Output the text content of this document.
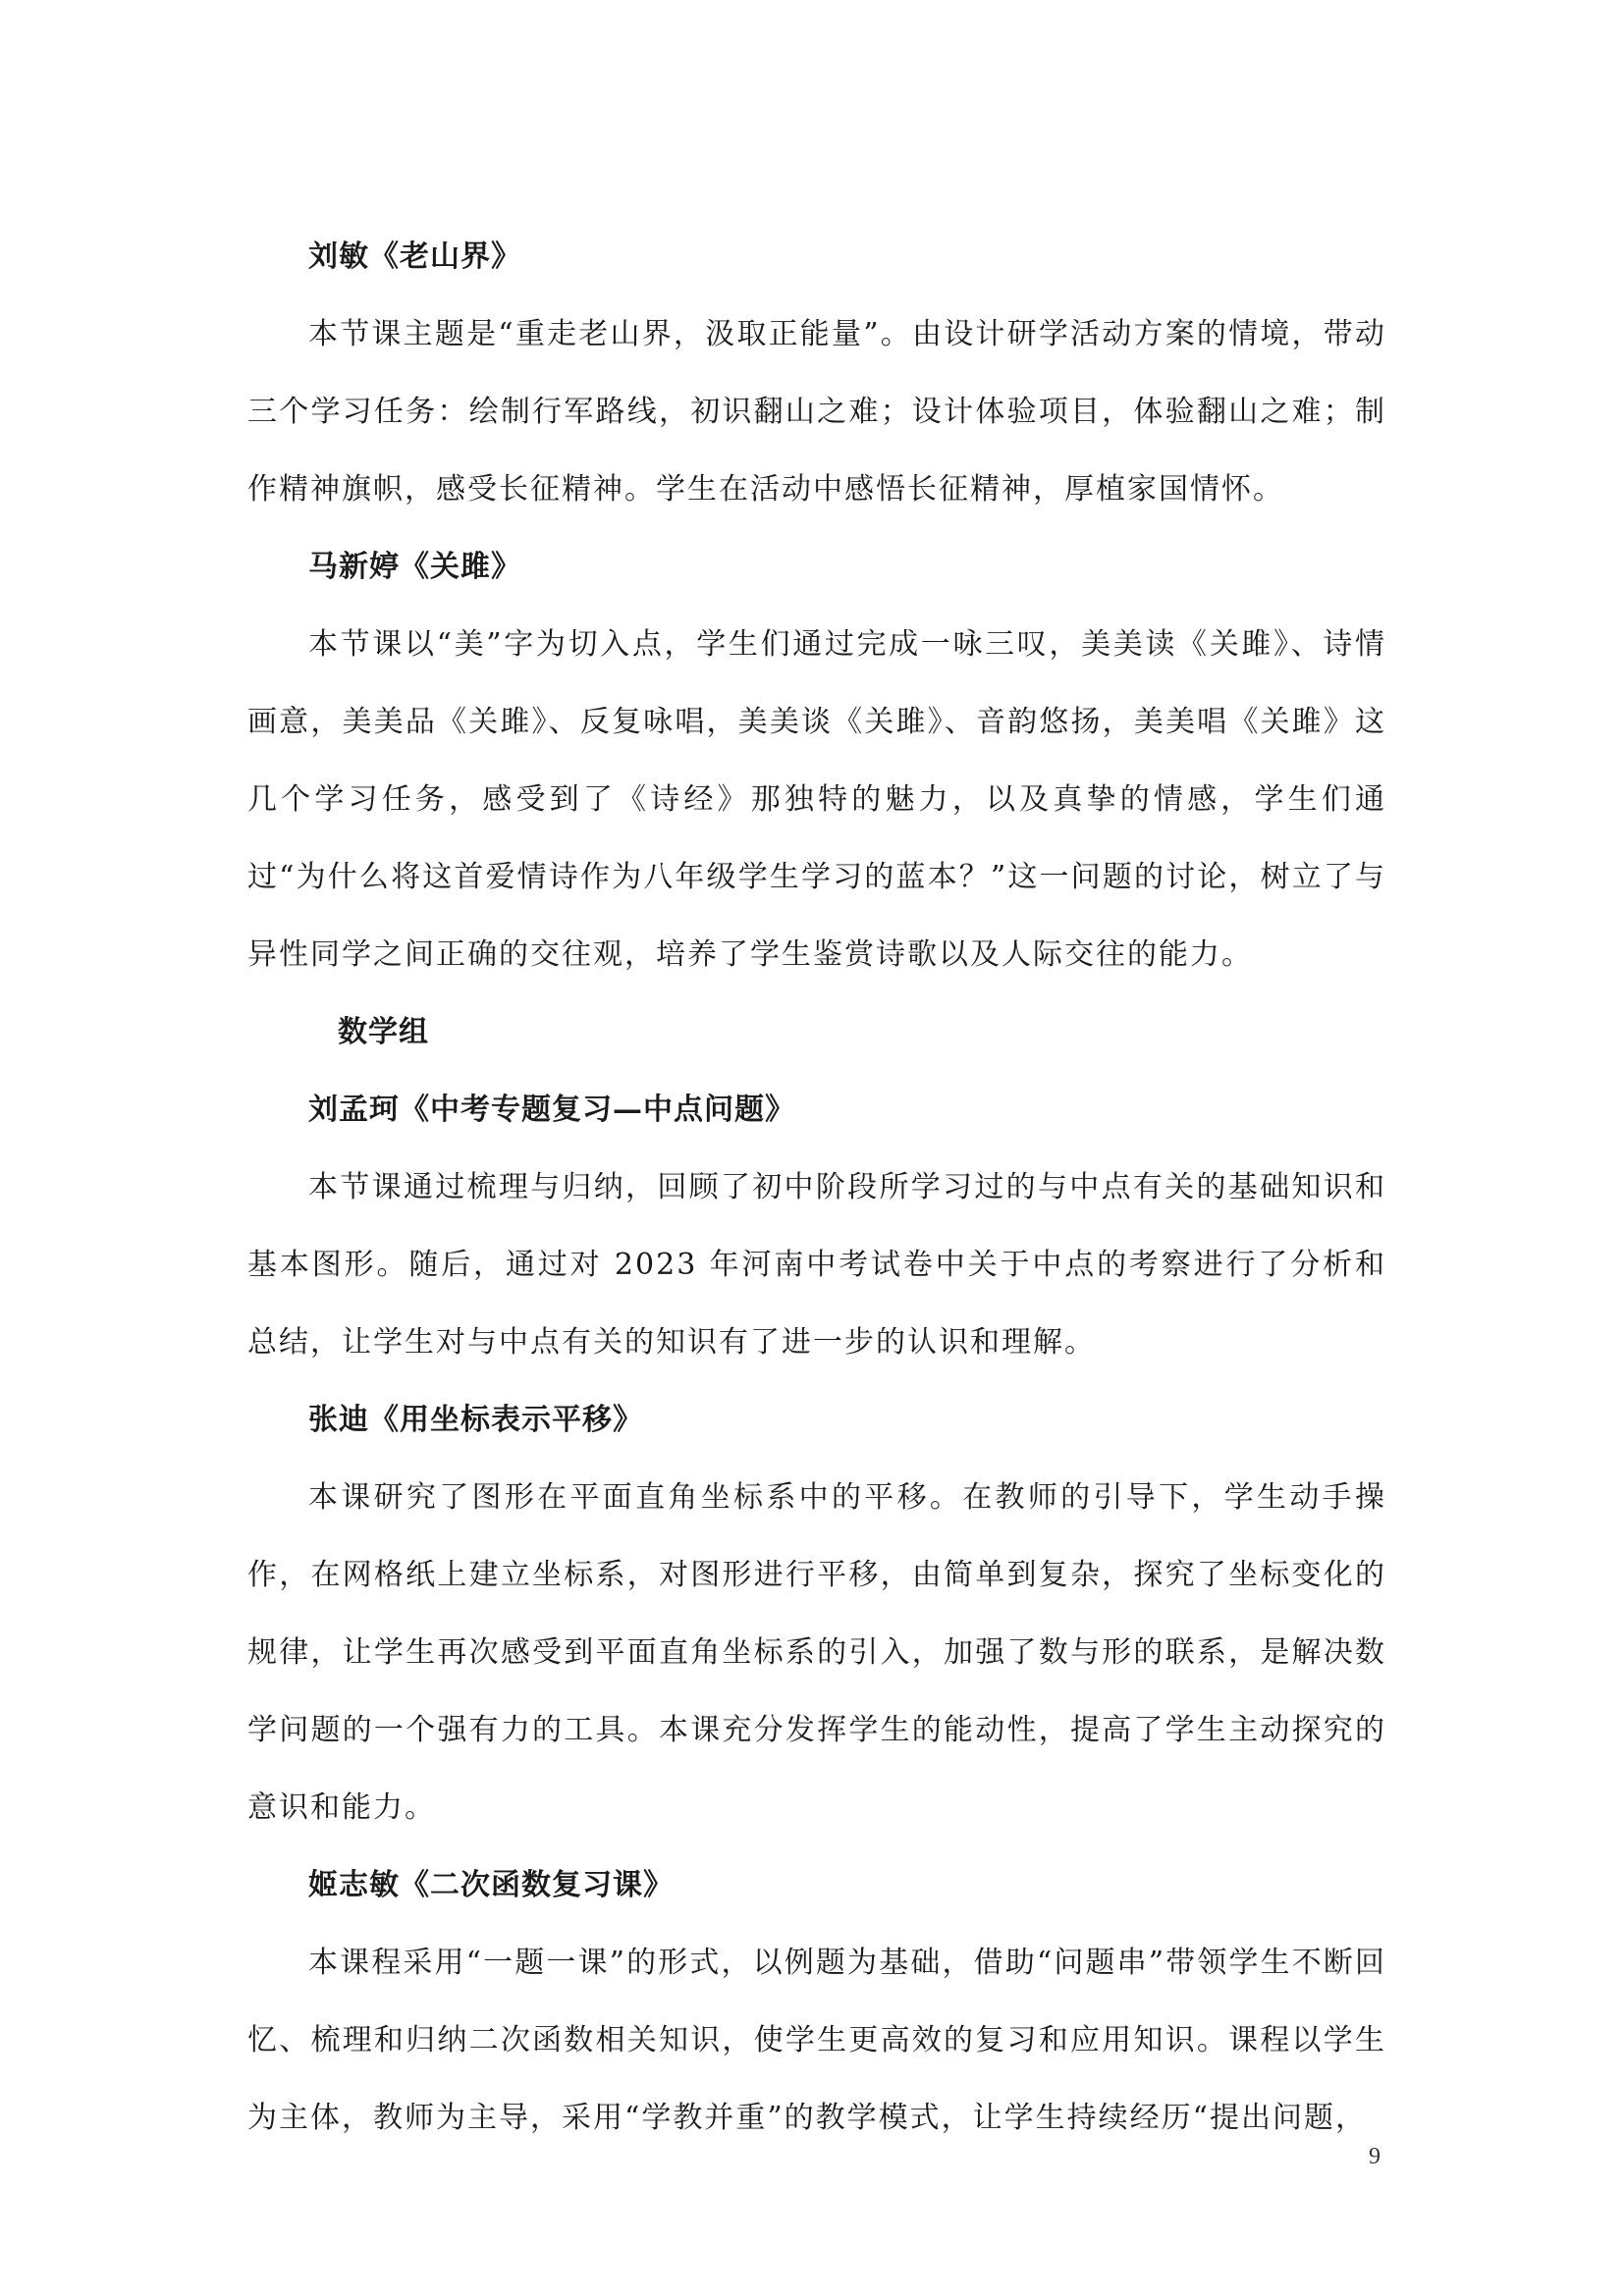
刘敏《老山界》

本节课主题是“重走老山界，汲取正能量”。由设计研学活动方案的情境，带动三个学习任务：绘制行军路线，初识翻山之难；设计体验项目，体验翻山之难；制作精神旗帜，感受长征精神。学生在活动中感悟长征精神，厚植家国情怀。

马新婷《关雎》

本节课以“美”字为切入点，学生们通过完成一咏三叹，美美读《关雎》、诗情画意，美美品《关雎》、反复咏唱，美美谈《关雎》、音韵悠扬，美美唱《关雎》这几个学习任务，感受到了《诗经》那独特的魅力，以及真挚的情感，学生们通过“为什么将这首爱情诗作为八年级学生学习的蓝本？”这一问题的讨论，树立了与异性同学之间正确的交往观，培养了学生鉴赏诗歌以及人际交往的能力。

数学组

刘孟珂《中考专题复习—中点问题》

本节课通过梳理与归纳，回顾了初中阶段所学习过的与中点有关的基础知识和基本图形。随后，通过对 2023 年河南中考试卷中关于中点的考察进行了分析和总结，让学生对与中点有关的知识有了进一步的认识和理解。

张迪《用坐标表示平移》

本课研究了图形在平面直角坐标系中的平移。在教师的引导下，学生动手操作，在网格纸上建立坐标系，对图形进行平移，由简单到复杂，探究了坐标变化的规律，让学生再次感受到平面直角坐标系的引入，加强了数与形的联系，是解决数学问题的一个强有力的工具。本课充分发挥学生的能动性，提高了学生主动探究的意识和能力。

姬志敏《二次函数复习课》

本课程采用“一题一课”的形式，以例题为基础，借助“问题串”带领学生不断回忆、梳理和归纳二次函数相关知识，使学生更高效的复习和应用知识。课程以学生为主体，教师为主导，采用“学教并重”的教学模式，让学生持续经历“提出问题，

9
